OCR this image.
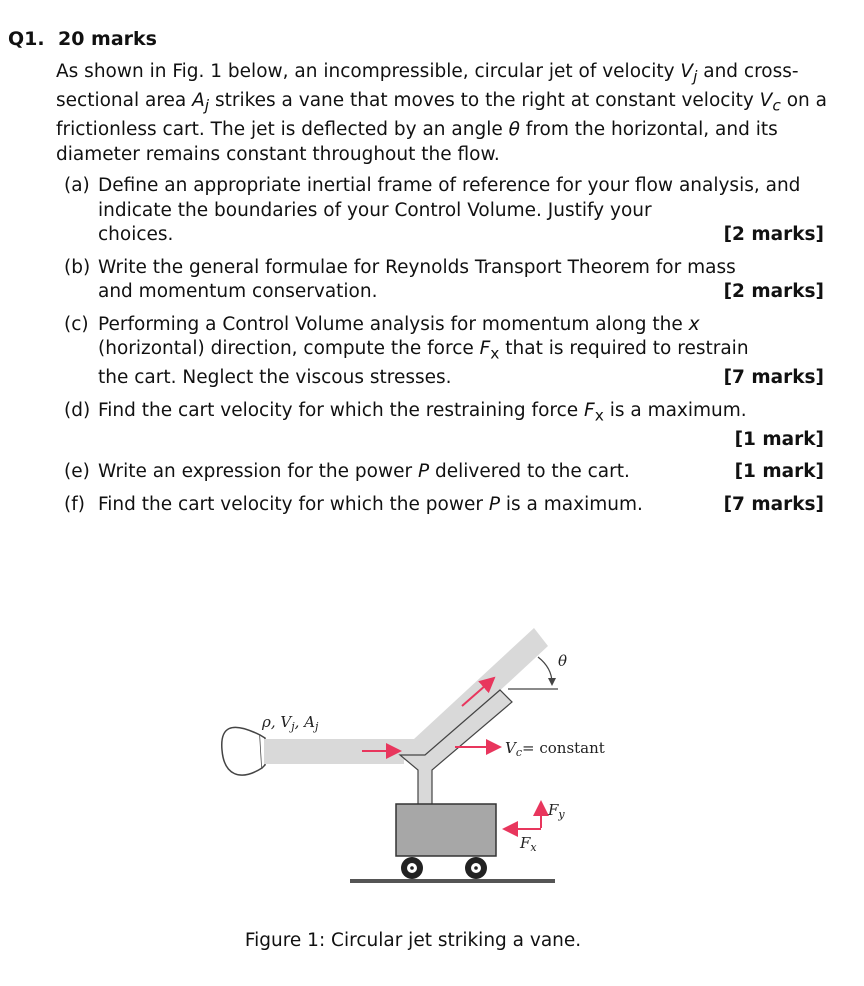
Q1. 20 marks
As shown in Fig. 1 below, an incompressible, circular jet of velocity $V_j$ and cross-sectional area $A_j$ strikes a vane that moves to the right at constant velocity $V_c$ on a frictionless cart. The jet is deflected by an angle θ from the horizontal, and its diameter remains constant throughout the flow.
(a) Define an appropriate inertial frame of reference for your flow analysis, and indicate the boundaries of your Control Volume. Justify your
choices.	[2 marks]
(b) Write the general formulae for Reynolds Transport Theorem for mass
and momentum conservation.	[2 marks]
(c) Performing a Control Volume analysis for momentum along the x
(horizontal) direction, compute the force $F_x$ that is required to restrain
the cart. Neglect the viscous stresses.	[7 marks]
(d) Find the cart velocity for which the restraining force $F_x$ is a maximum.
[1 mark]
(e) Write an expression for the power P delivered to the cart.	[1 mark]
(f) Find the cart velocity for which the power P is a maximum.	[7 marks]
ρ, $V_j$, $A_j$
θ
$V_c=$ constant
$F_y$
$F_x$
Figure 1: Circular jet striking a vane.
